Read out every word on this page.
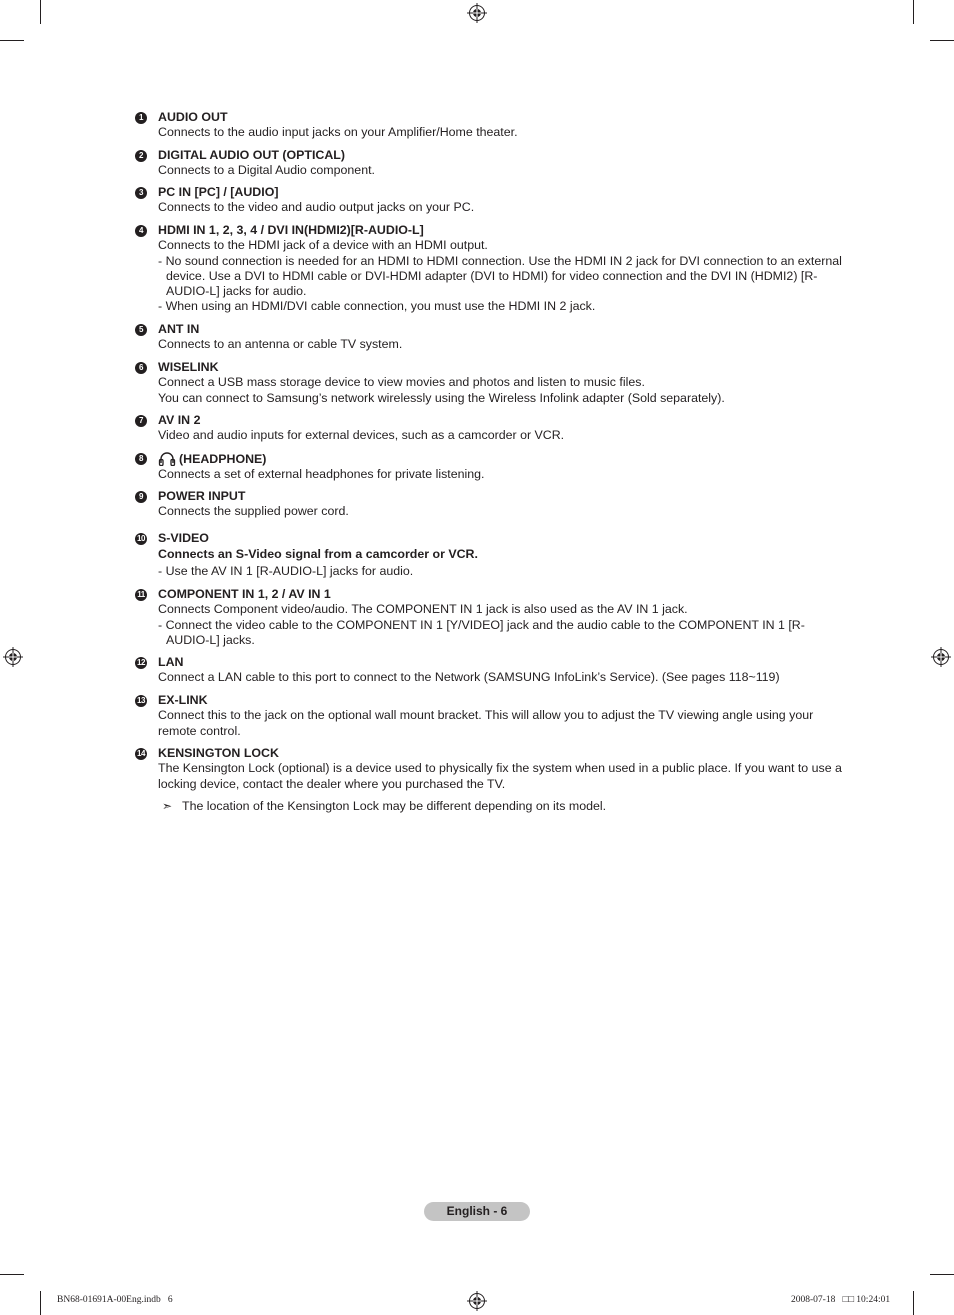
1	AUDIO OUT
Connects to the audio input jacks on your Amplifier/Home theater.
2	DIGITAL AUDIO OUT (OPTICAL)
Connects to a Digital Audio component.
3	PC IN [PC] / [AUDIO]
Connects to the video and audio output jacks on your PC.
4	HDMI IN 1, 2, 3, 4 / DVI IN(HDMI2)[R-AUDIO-L]
Connects to the HDMI jack of a device with an HDMI output.
- No sound connection is needed for an HDMI to HDMI connection. Use the HDMI IN 2 jack for DVI connection to an external device. Use a DVI to HDMI cable or DVI-HDMI adapter (DVI to HDMI) for video connection and the DVI IN (HDMI2) [R-AUDIO-L] jacks for audio.
- When using an HDMI/DVI cable connection, you must use the HDMI IN 2 jack.
5	ANT IN
Connects to an antenna or cable TV system.
6	WISELINK
Connect a USB mass storage device to view movies and photos and listen to music files.
You can connect to Samsung’s network wirelessly using the Wireless Infolink adapter (Sold separately).
7	AV IN 2
Video and audio inputs for external devices, such as a camcorder or VCR.
8	(HEADPHONE)
Connects a set of external headphones for private listening.
9	POWER INPUT
Connects the supplied power cord.
10 S-VIDEO
Connects an S-Video signal from a camcorder or VCR.
- Use the AV IN 1 [R-AUDIO-L] jacks for audio.
11 COMPONENT IN 1, 2 / AV IN 1
Connects Component video/audio. The COMPONENT IN 1 jack is also used as the AV IN 1 jack.
- Connect the video cable to the COMPONENT IN 1 [Y/VIDEO] jack and the audio cable to the COMPONENT IN 1 [R-AUDIO-L] jacks.
12 LAN
Connect a LAN cable to this port to connect to the Network (SAMSUNG InfoLink’s Service). (See pages 118~119)
13 EX-LINK
Connect this to the jack on the optional wall mount bracket. This will allow you to adjust the TV viewing angle using your remote control.
14 KENSINGTON LOCK
The Kensington Lock (optional) is a device used to physically fix the system when used in a public place. If you want to use a locking device, contact the dealer where you purchased the TV.
➣ The location of the Kensington Lock may be different depending on its model.
English - 6
BN68-01691A-00Eng.indb   6	2008-07-18   □□ 10:24:01
